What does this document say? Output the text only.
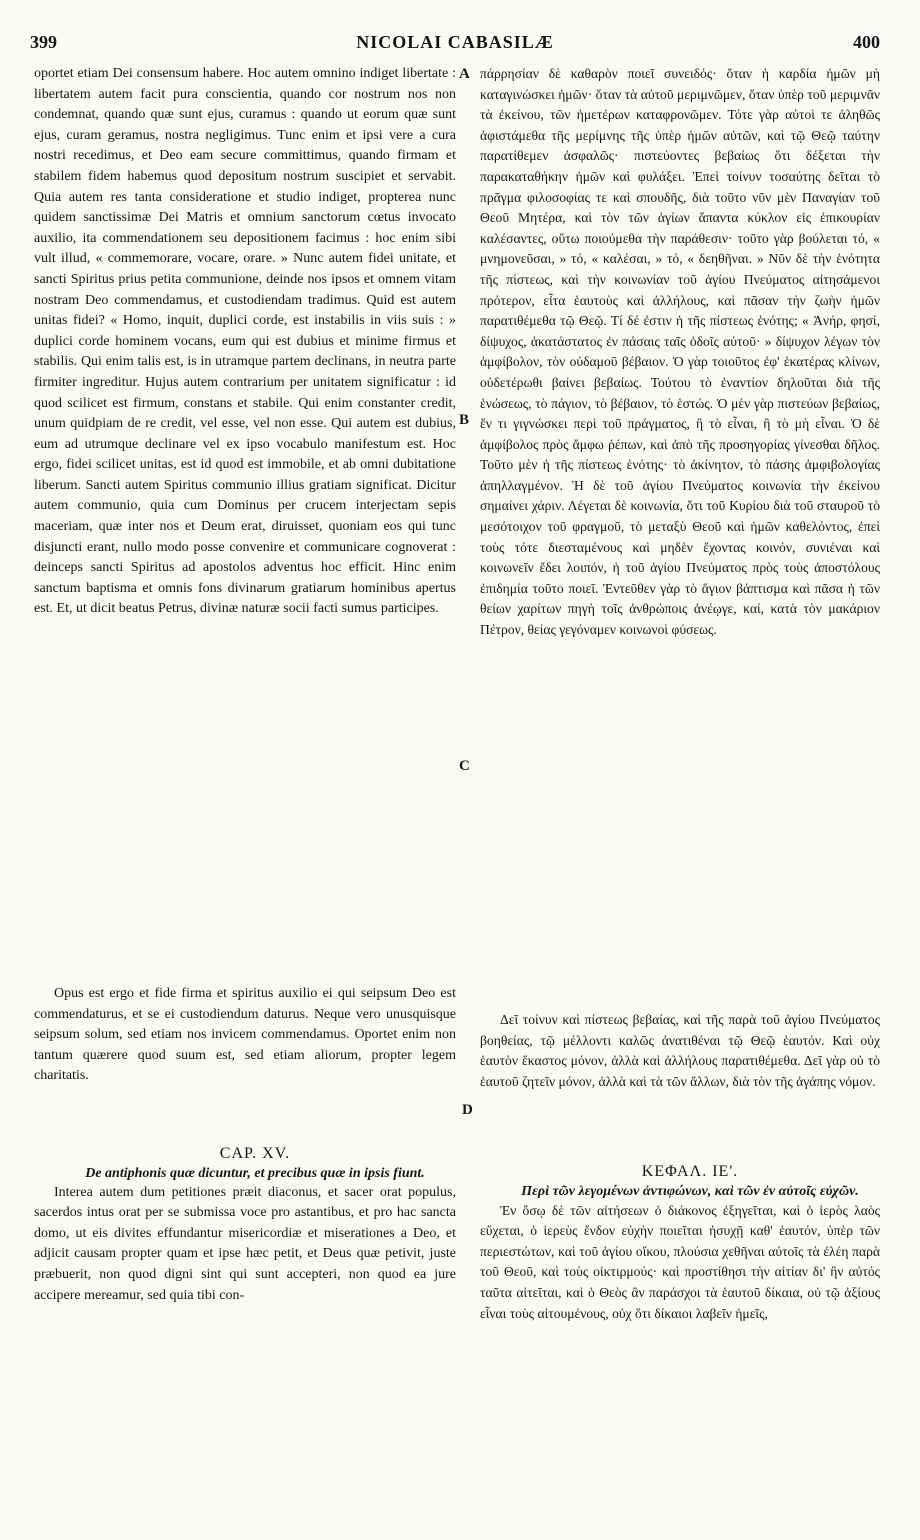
399	NICOLAI CABASILÆ	400
A
B
C
D

oportet etiam Dei consensum habere. Hoc autem omnino indiget libertate : libertatem autem facit pura conscientia, quando cor nostrum nos non condemnat, quando quæ sunt ejus, curamus : quando ut eorum quæ sunt ejus, curam geramus, nostra negligimus. Tunc enim et ipsi vere a cura nostri recedimus, et Deo eam secure committimus, quando firmam et stabilem fidem habemus quod depositum nostrum suscipiet et servabit. Quia autem res tanta consideratione et studio indiget, propterea nunc quidem sanctissimæ Dei Matris et omnium sanctorum cœtus invocato auxilio, ita commendationem seu depositionem facimus : hoc enim sibi vult illud, « commemorare, vocare, orare. » Nunc autem fidei unitate, et sancti Spiritus prius petita communione, deinde nos ipsos et omnem vitam nostram Deo commendamus, et custodiendam tradimus. Quid est autem unitas fidei? « Homo, inquit, duplici corde, est instabilis in viis suis : » duplici corde hominem vocans, eum qui est dubius et minime firmus et stabilis. Qui enim talis est, is in utramque partem declinans, in neutra parte firmiter ingreditur. Hujus autem contrarium per unitatem significatur : id quod scilicet est firmum, constans et stabile. Qui enim constanter credit, unum quidpiam de re credit, vel esse, vel non esse. Qui autem est dubius, eum ad utrumque declinare vel ex ipso vocabulo manifestum est. Hoc ergo, fidei scilicet unitas, est id quod est immobile, et ab omni dubitatione liberum. Sancti autem Spiritus communio illius gratiam significat. Dicitur autem communio, quia cum Dominus per crucem interjectam sepis maceriam, quæ inter nos et Deum erat, diruisset, quoniam eos qui tunc disjuncti erant, nullo modo posse convenire et communicare cognoverat : deinceps sancti Spiritus ad apostolos adventus hoc efficit. Hinc enim sanctum baptisma et omnis fons divinarum gratiarum hominibus apertus est. Et, ut dicit beatus Petrus, divinæ naturæ socii facti sumus participes.

πάρρησίαν δὲ καθαρὸν ποιεῖ συνειδός· ὅταν ἡ καρδία ἡμῶν μὴ καταγινώσκει ἡμῶν· ὅταν τὰ αὐτοῦ μεριμνῶμεν, ὅταν ὑπὲρ τοῦ μεριμνᾶν τὰ ἐκείνου, τῶν ἡμετέρων καταφρονῶμεν. Τότε γὰρ αὐτοὶ τε ἀληθῶς ἀφιστάμεθα τῆς μερίμνης τῆς ὑπὲρ ἡμῶν αὐτῶν, καὶ τῷ Θεῷ ταύτην παρατίθεμεν ἀσφαλῶς· πιστεύοντες βεβαίως ὅτι δέξεται τὴν παρακαταθήκην ἡμῶν καὶ φυλάξει. Ἐπεὶ τοίνυν τοσαύτης δεῖται τὸ πρᾶγμα φιλοσοφίας τε καὶ σπουδῆς, διὰ τοῦτο νῦν μὲν Παναγίαν τοῦ Θεοῦ Μητέρα, καὶ τὸν τῶν ἁγίων ἅπαντα κύκλον εἰς ἐπικουρίαν καλέσαντες, οὕτω ποιούμεθα τὴν παράθεσιν· τοῦτο γὰρ βούλεται τό, « μνημονεῦσαι, » τό, « καλέσαι, » τό, « δεηθῆναι. » Νῦν δὲ τὴν ἑνότητα τῆς πίστεως, καὶ τὴν κοινωνίαν τοῦ ἁγίου Πνεύματος αἰτησάμενοι πρότερον, εἶτα ἑαυτοὺς καὶ ἀλλήλους, καὶ πᾶσαν τὴν ζωὴν ἡμῶν παρατιθέμεθα τῷ Θεῷ. Τί δέ ἐστιν ἡ τῆς πίστεως ἑνότης; « Ἀνήρ, φησί, δίψυχος, ἀκατάστατος ἐν πάσαις ταῖς ὁδοῖς αὐτοῦ· » δίψυχον λέγων τὸν ἀμφίβολον, τὸν οὐδαμοῦ βέβαιον. Ὁ γὰρ τοιοῦτος ἐφ' ἑκατέρας κλίνων, οὐδετέρωθι βαίνει βεβαίως. Τούτου τὸ ἐναντίον δηλοῦται διὰ τῆς ἑνώσεως, τὸ πάγιον, τὸ βέβαιον, τὸ ἑστώς. Ὁ μὲν γὰρ πιστεύων βεβαίως, ἕν τι γιγνώσκει περὶ τοῦ πράγματος, ἢ τὸ εἶναι, ἢ τὸ μὴ εἶναι. Ὁ δὲ ἀμφίβολος πρὸς ἄμφω ῥέπων, καὶ ἀπὸ τῆς προσηγορίας γίνεσθαι δῆλος. Τοῦτο μὲν ἡ τῆς πίστεως ἑνότης· τὸ ἀκίνητον, τὸ πάσης ἀμφιβολογίας ἀπηλλαγμένον. Ἡ δὲ τοῦ ἁγίου Πνεύματος κοινωνία τὴν ἐκείνου σημαίνει χάριν. Λέγεται δὲ κοινωνία, ὅτι τοῦ Κυρίου διὰ τοῦ σταυροῦ τὸ μεσότοιχον τοῦ φραγμοῦ, τὸ μεταξὺ Θεοῦ καὶ ἡμῶν καθελόντος, ἐπεὶ τοὺς τότε διεσταμένους καὶ μηδὲν ἔχοντας κοινόν, συνιέναι καὶ κοινωνεῖν ἔδει λοιπόν, ἡ τοῦ ἁγίου Πνεύματος πρὸς τοὺς ἀποστόλους ἐπιδημία τοῦτο ποιεῖ. Ἐντεῦθεν γὰρ τὸ ἅγιον βάπτισμα καὶ πᾶσα ἡ τῶν θείων χαρίτων πηγὴ τοῖς ἀνθρώποις ἀνέῳγε, καί, κατὰ τὸν μακάριον Πέτρον, θείας γεγόναμεν κοινωνοὶ φύσεως.

Opus est ergo et fide firma et spiritus auxilio ei qui seipsum Deo est commendaturus, et se ei custodiendum daturus. Neque vero unusquisque seipsum solum, sed etiam nos invicem commendamus. Oportet enim non tantum quærere quod suum est, sed etiam aliorum, propter legem charitatis.

Δεῖ τοίνυν καὶ πίστεως βεβαίας, καὶ τῆς παρὰ τοῦ ἁγίου Πνεύματος βοηθείας, τῷ μέλλοντι καλῶς ἀνατιθέναι τῷ Θεῷ ἑαυτόν. Καὶ οὐχ ἑαυτὸν ἕκαστος μόνον, ἀλλὰ καὶ ἀλλήλους παρατιθέμεθα. Δεῖ γὰρ οὐ τὸ ἑαυτοῦ ζητεῖν μόνον, ἀλλὰ καὶ τὰ τῶν ἄλλων, διὰ τὸν τῆς ἀγάπης νόμον.

CAP. XV.

De antiphonis quæ dicuntur, et precibus quæ in ipsis fiunt.

Interea autem dum petitiones præit diaconus, et sacer orat populus, sacerdos intus orat per se submissa voce pro astantibus, et pro hac sancta domo, ut eis divites effundantur misericordiæ et miserationes a Deo, et adjicit causam propter quam et ipse hæc petit, et Deus quæ petivit, juste præbuerit, non quod digni sint qui sunt accepteri, non quod ea jure accipere mereamur, sed quia tibi con-

ΚΕΦΑΛ. ΙΕ'.

Περὶ τῶν λεγομένων ἀντιφώνων, καὶ τῶν ἐν αὐτοῖς εὐχῶν.

Ἐν ὅσῳ δὲ τῶν αἰτήσεων ὁ διάκονος ἐξηγεῖται, καὶ ὁ ἱερὸς λαὸς εὔχεται, ὁ ἱερεὺς ἔνδον εὐχὴν ποιεῖται ἡσυχῇ καθ' ἑαυτόν, ὑπὲρ τῶν περιεστώτων, καὶ τοῦ ἁγίου οἴκου, πλούσια χεθῆναι αὐτοῖς τὰ ἐλέη παρὰ τοῦ Θεοῦ, καὶ τοὺς οἰκτιρμούς· καὶ προστίθησι τὴν αἰτίαν δι' ἣν αὐτός ταῦτα αἰτεῖται, καὶ ὁ Θεὸς ἂν παράσχοι τὰ ἑαυτοῦ δίκαια, οὐ τῷ ἀξίους εἶναι τοὺς αἰτουμένους, οὐχ ὅτι δίκαιοι λαβεῖν ἡμεῖς,
